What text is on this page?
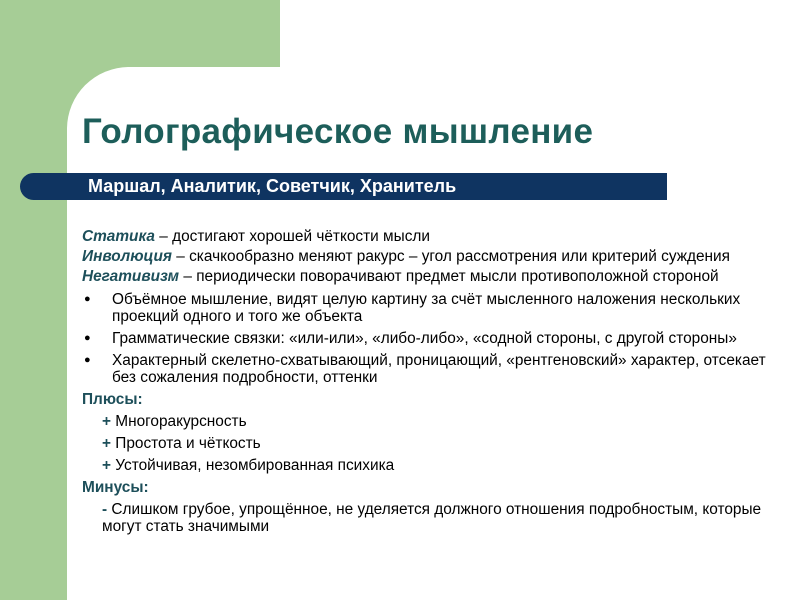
Голографическое мышление
Маршал, Аналитик, Советчик, Хранитель

Статика – достигают хорошей чёткости мысли

Инволюция – скачкообразно меняют ракурс – угол рассмотрения или критерий суждения

Негативизм – периодически поворачивают предмет мысли противоположной стороной

● Объёмное мышление, видят целую картину за счёт мысленного наложения нескольких проекций одного и того же объекта

● Грамматические связки: «или-или», «либо-либо», «содной стороны, с другой стороны»

● Характерный скелетно-схватывающий, проницающий, «рентгеновский» характер, отсекает без сожаления подробности, оттенки

Плюсы:

+ Многоракурсность

+ Простота и чёткость

+ Устойчивая, незомбированная психика

Минусы:

- Слишком грубое, упрощённое, не уделяется должного отношения подробностым, которые могут стать значимыми
